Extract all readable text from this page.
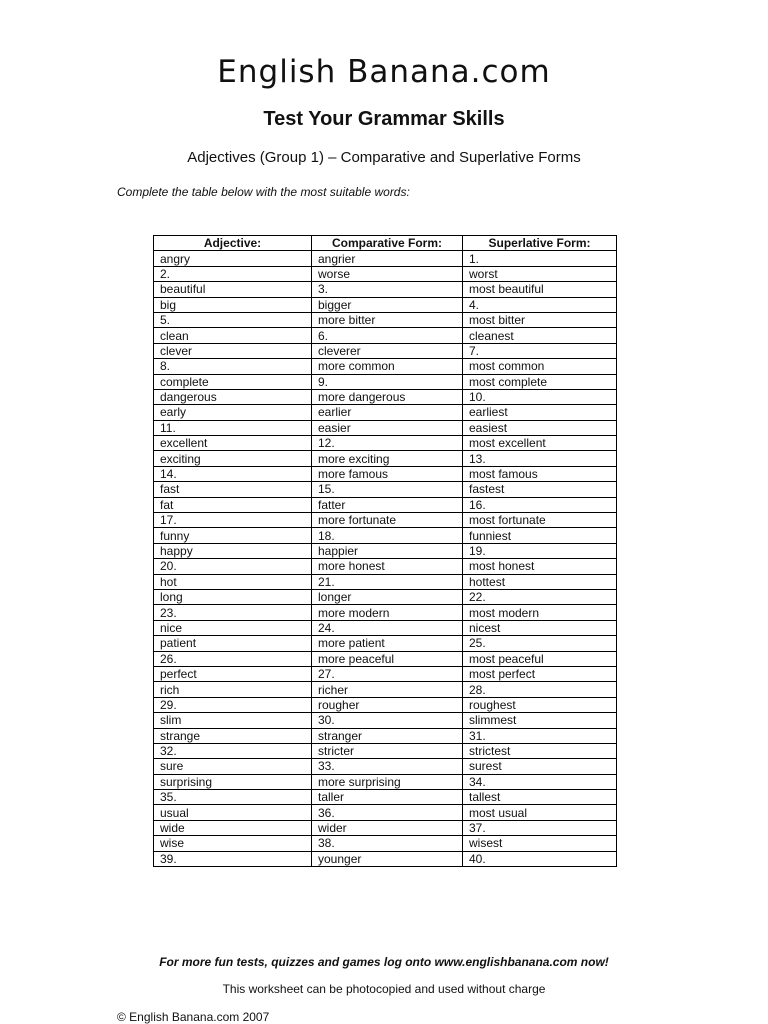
English Banana.com
Test Your Grammar Skills
Adjectives (Group 1) – Comparative and Superlative Forms
Complete the table below with the most suitable words:
Adjective:	Comparative Form:	Superlative Form:
angry	angrier	1.
2.	worse	worst
beautiful	3.	most beautiful
big	bigger	4.
5.	more bitter	most bitter
clean	6.	cleanest
clever	cleverer	7.
8.	more common	most common
complete	9.	most complete
dangerous	more dangerous	10.
early	earlier	earliest
11.	easier	easiest
excellent	12.	most excellent
exciting	more exciting	13.
14.	more famous	most famous
fast	15.	fastest
fat	fatter	16.
17.	more fortunate	most fortunate
funny	18.	funniest
happy	happier	19.
20.	more honest	most honest
hot	21.	hottest
long	longer	22.
23.	more modern	most modern
nice	24.	nicest
patient	more patient	25.
26.	more peaceful	most peaceful
perfect	27.	most perfect
rich	richer	28.
29.	rougher	roughest
slim	30.	slimmest
strange	stranger	31.
32.	stricter	strictest
sure	33.	surest
surprising	more surprising	34.
35.	taller	tallest
usual	36.	most usual
wide	wider	37.
wise	38.	wisest
39.	younger	40.
For more fun tests, quizzes and games log onto www.englishbanana.com now!
This worksheet can be photocopied and used without charge
© English Banana.com 2007
